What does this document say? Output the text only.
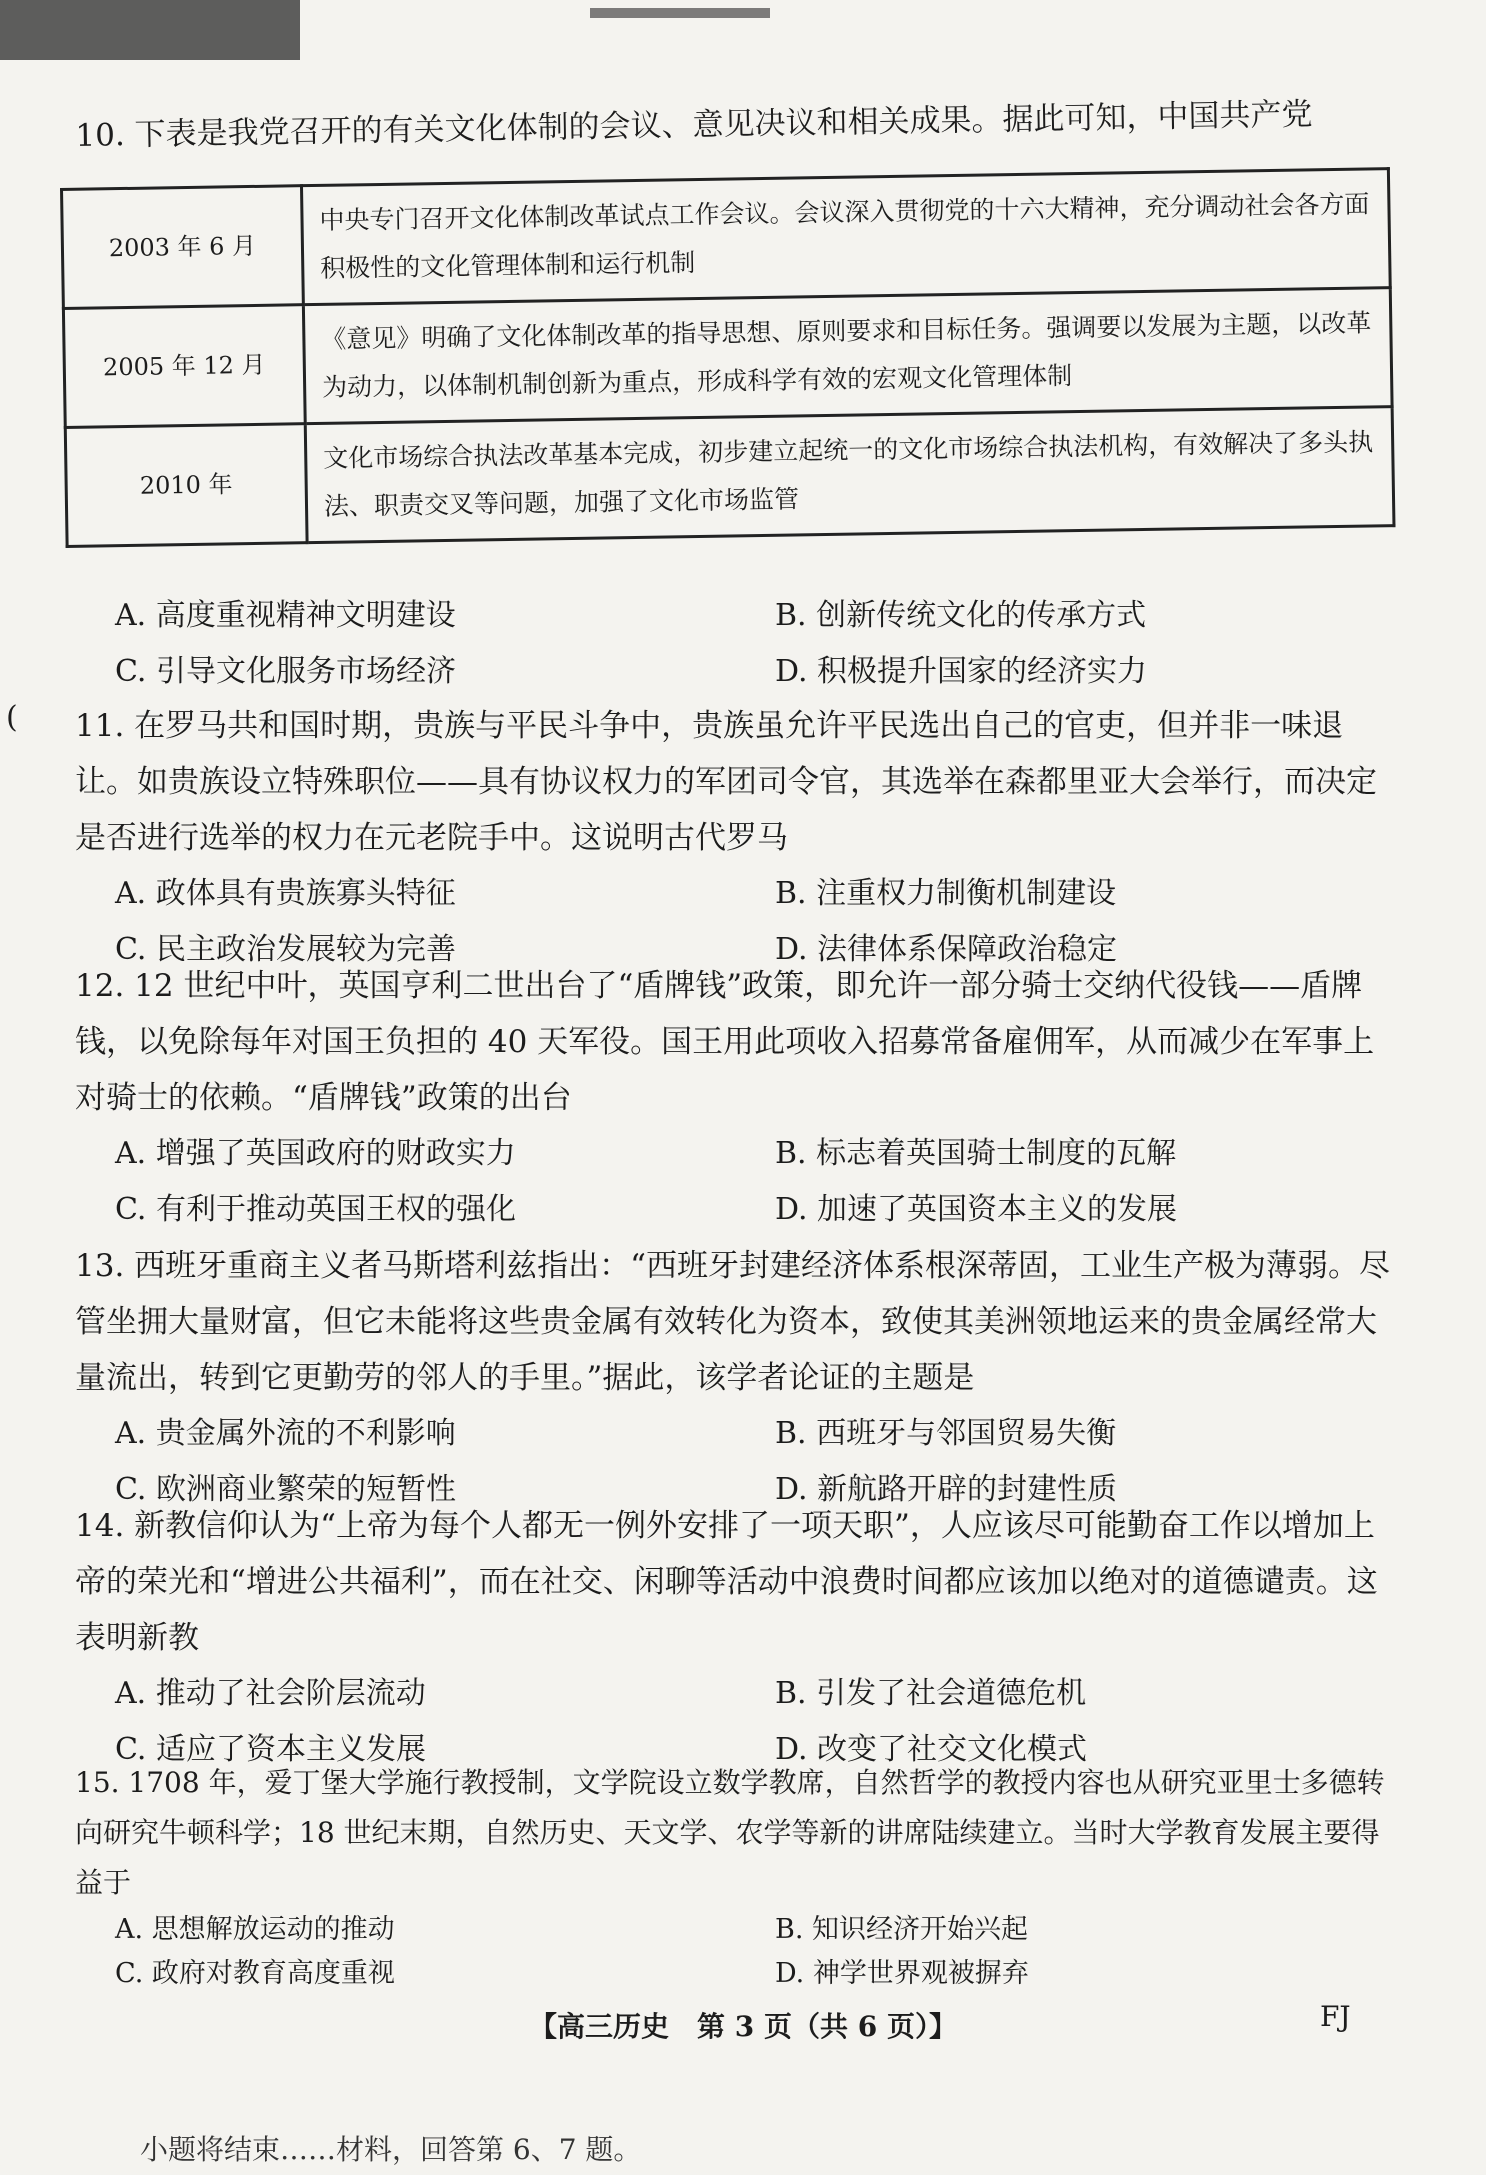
10. 下表是我党召开的有关文化体制的会议、意见决议和相关成果。据此可知，中国共产党

2003 年 6 月	中央专门召开文化体制改革试点工作会议。会议深入贯彻党的十六大精神，充分调动社会各方面积极性的文化管理体制和运行机制
2005 年 12 月	《意见》明确了文化体制改革的指导思想、原则要求和目标任务。强调要以发展为主题，以改革为动力，以体制机制创新为重点，形成科学有效的宏观文化管理体制
2010 年	文化市场综合执法改革基本完成，初步建立起统一的文化市场综合执法机构，有效解决了多头执法、职责交叉等问题，加强了文化市场监管
A. 高度重视精神文明建设	B. 创新传统文化的传承方式
C. 引导文化服务市场经济	D. 积极提升国家的经济实力
( 11. 在罗马共和国时期，贵族与平民斗争中，贵族虽允许平民选出自己的官吏，但并非一味退让。如贵族设立特殊职位——具有协议权力的军团司令官，其选举在森都里亚大会举行，而决定是否进行选举的权力在元老院手中。这说明古代罗马

A. 政体具有贵族寡头特征	B. 注重权力制衡机制建设
C. 民主政治发展较为完善	D. 法律体系保障政治稳定

12. 12 世纪中叶，英国亨利二世出台了“盾牌钱”政策，即允许一部分骑士交纳代役钱——盾牌钱，以免除每年对国王负担的 40 天军役。国王用此项收入招募常备雇佣军，从而减少在军事上对骑士的依赖。“盾牌钱”政策的出台

A. 增强了英国政府的财政实力	B. 标志着英国骑士制度的瓦解
C. 有利于推动英国王权的强化	D. 加速了英国资本主义的发展

13. 西班牙重商主义者马斯塔利兹指出：“西班牙封建经济体系根深蒂固，工业生产极为薄弱。尽管坐拥大量财富，但它未能将这些贵金属有效转化为资本，致使其美洲领地运来的贵金属经常大量流出，转到它更勤劳的邻人的手里。”据此，该学者论证的主题是

A. 贵金属外流的不利影响	B. 西班牙与邻国贸易失衡
C. 欧洲商业繁荣的短暂性	D. 新航路开辟的封建性质

14. 新教信仰认为“上帝为每个人都无一例外安排了一项天职”，人应该尽可能勤奋工作以增加上帝的荣光和“增进公共福利”，而在社交、闲聊等活动中浪费时间都应该加以绝对的道德谴责。这表明新教

A. 推动了社会阶层流动	B. 引发了社会道德危机
C. 适应了资本主义发展	D. 改变了社交文化模式

15. 1708 年，爱丁堡大学施行教授制，文学院设立数学教席，自然哲学的教授内容也从研究亚里士多德转向研究牛顿科学；18 世纪末期，自然历史、天文学、农学等新的讲席陆续建立。当时大学教育发展主要得益于

A. 思想解放运动的推动	B. 知识经济开始兴起
C. 政府对教育高度重视	D. 神学世界观被摒弃
【高三历史　第 3 页（共 6 页）】	FJ
小题将结束……材料，回答第 6、7 题。
